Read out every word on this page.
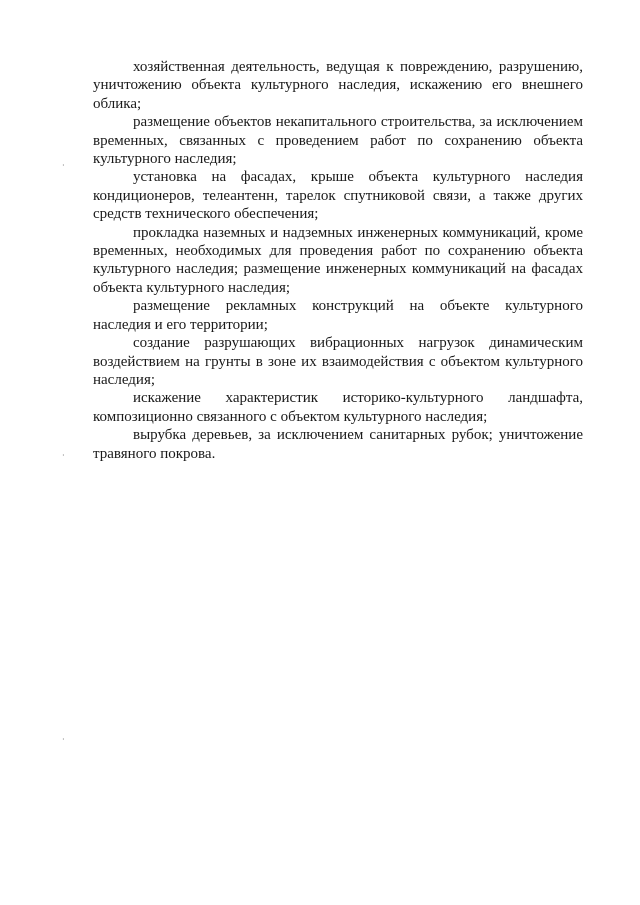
хозяйственная деятельность, ведущая к повреждению, разрушению, уничтожению объекта культурного наследия, искажению его внешнего облика;

размещение объектов некапитального строительства, за исключением временных, связанных с проведением работ по сохранению объекта культурного наследия;

установка на фасадах, крыше объекта культурного наследия кондиционеров, телеантенн, тарелок спутниковой связи, а также других средств технического обеспечения;

прокладка наземных и надземных инженерных коммуникаций, кроме временных, необходимых для проведения работ по сохранению объекта культурного наследия; размещение инженерных коммуникаций на фасадах объекта культурного наследия;

размещение рекламных конструкций на объекте культурного наследия и его территории;

создание разрушающих вибрационных нагрузок динамическим воздействием на грунты в зоне их взаимодействия с объектом культурного наследия;

искажение характеристик историко-культурного ландшафта, композиционно связанного с объектом культурного наследия;

вырубка деревьев, за исключением санитарных рубок; уничтожение травяного покрова.

·
·
·
